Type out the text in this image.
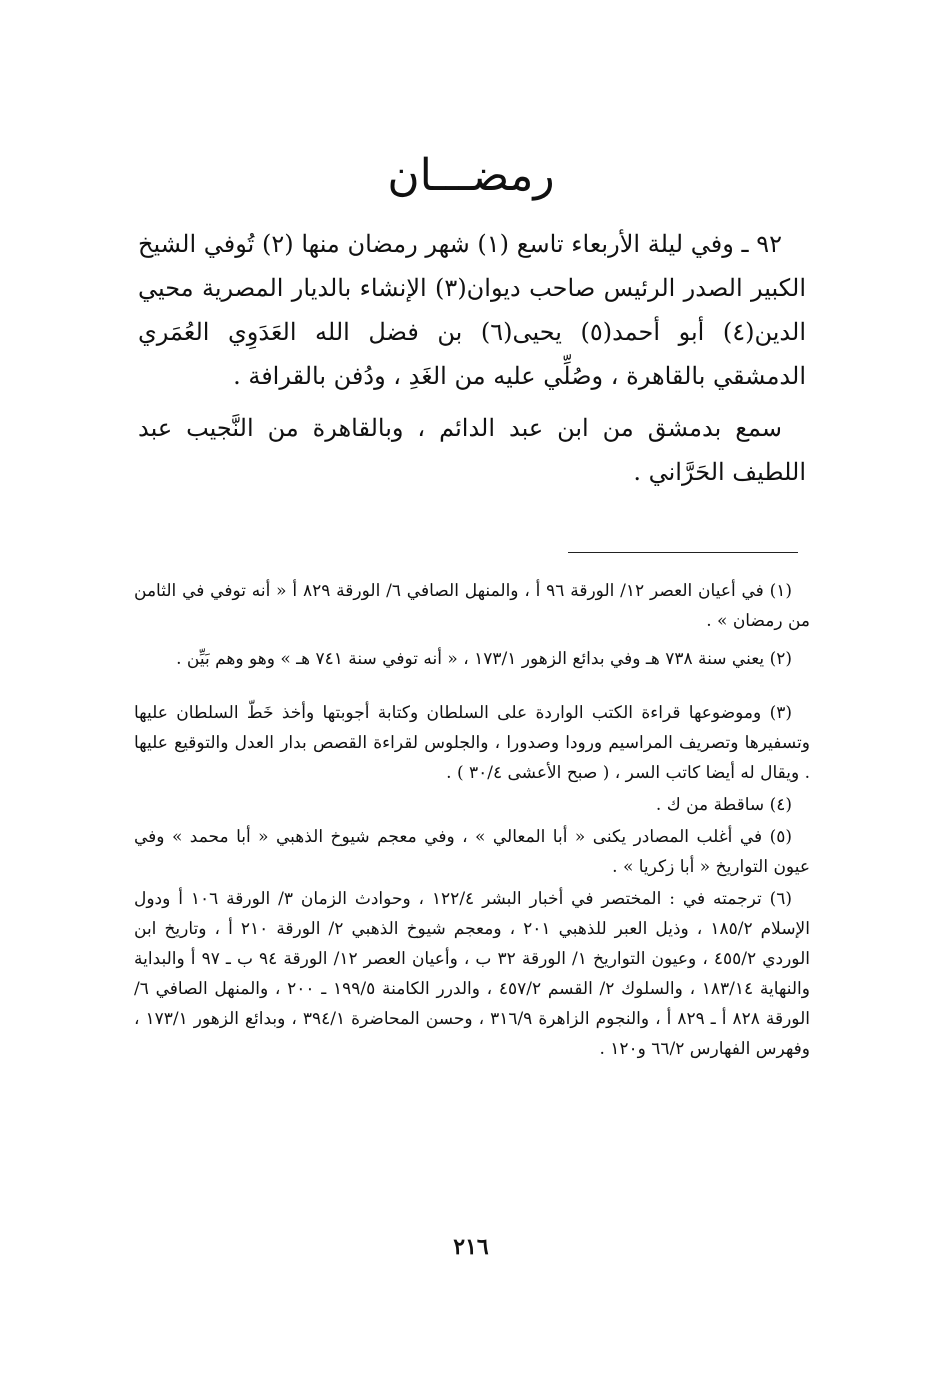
رمضـــان

٩٢ ـ وفي ليلة الأربعاء تاسع (١) شهر رمضان منها (٢) تُوفي الشيخ الكبير الصدر الرئيس صاحب ديوان(٣) الإنشاء بالديار المصرية محيي الدين(٤) أبو أحمد(٥) يحيى(٦) بن فضل الله العَدَوِي العُمَري الدمشقي بالقاهرة ، وصُلِّي عليه من الغَدِ ، ودُفن بالقرافة .

سمع بدمشق من ابن عبد الدائم ، وبالقاهرة من النَّجيب عبد اللطيف الحَرَّاني .

(١) في أعيان العصر ١٢/ الورقة ٩٦ أ ، والمنهل الصافي ٦/ الورقة ٨٢٩ أ « أنه توفي في الثامن من رمضان » .

(٢) يعني سنة ٧٣٨ هـ وفي بدائع الزهور ١٧٣/١ ، « أنه توفي سنة ٧٤١ هـ » وهو وهم بَيِّن .

(٣) وموضوعها قراءة الكتب الواردة على السلطان وكتابة أجوبتها وأخذ خَطّ السلطان عليها وتسفيرها وتصريف المراسيم ورودا وصدورا ، والجلوس لقراءة القصص بدار العدل والتوقيع عليها . ويقال له أيضا كاتب السر ، ( صبح الأعشى ٣٠/٤ ) .

(٤) ساقطة من ك .

(٥) في أغلب المصادر يكنى « أبا المعالي » ، وفي معجم شيوخ الذهبي « أبا محمد » وفي عيون التواريخ « أبا زكريا » .

(٦) ترجمته في : المختصر في أخبار البشر ١٢٢/٤ ، وحوادث الزمان ٣/ الورقة ١٠٦ أ ودول الإسلام ١٨٥/٢ ، وذيل العبر للذهبي ٢٠١ ، ومعجم شيوخ الذهبي ٢/ الورقة ٢١٠ أ ، وتاريخ ابن الوردي ٤٥٥/٢ ، وعيون التواريخ ١/ الورقة ٣٢ ب ، وأعيان العصر ١٢/ الورقة ٩٤ ب ـ ٩٧ أ والبداية والنهاية ١٨٣/١٤ ، والسلوك ٢/ القسم ٤٥٧/٢ ، والدرر الكامنة ١٩٩/٥ ـ ٢٠٠ ، والمنهل الصافي ٦/ الورقة ٨٢٨ أ ـ ٨٢٩ أ ، والنجوم الزاهرة ٣١٦/٩ ، وحسن المحاضرة ٣٩٤/١ ، وبدائع الزهور ١٧٣/١ ، وفهرس الفهارس ٦٦/٢ و١٢٠ .

٢١٦
